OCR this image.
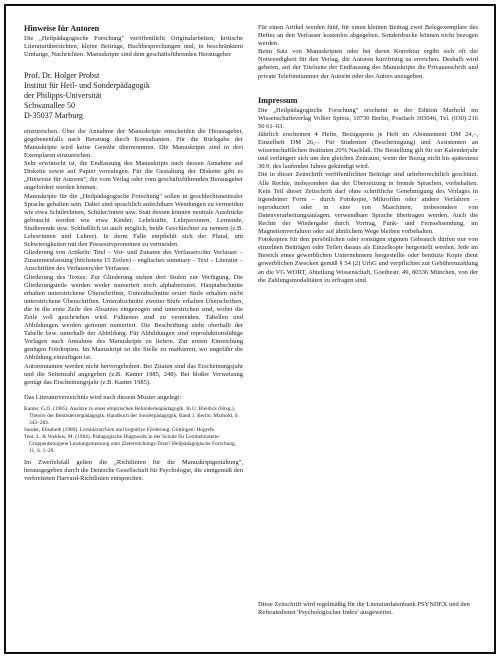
Hinweise für Autoren

Die „Heilpädagogische Forschung" veröffentlicht Originalarbeiten, kritische Literaturübersichten, kleine Beiträge, Buchbesprechungen und, in beschränktem Umfange, Nachrichten. Manuskripte sind dem geschäftsführenden Herausgeber

Prof. Dr. Holger Probst
Institut für Heil- und Sonderpädagogik
der Philipps-Universität
Schwanallee 50
D-35037 Marburg

einzureichen. Über die Annahme der Manuskripte entscheiden die Herausgeber, gegebenenfalls nach Beratung durch Konsultanten. Für die Rückgabe der Manuskripte wird keine Gewähr übernommen. Die Manuskripte sind in drei Exemplaren einzureichen.

Sehr erwünscht ist, die Endfassung des Manuskripts nach dessen Annahme auf Diskette sowie auf Papier vorzulegen. Für die Gestaltung der Diskette gibt es „Hinweise für Autoren", die vom Verlag oder vom geschäftsführenden Herausgeber angefordert werden können.

Manuskripte für die „Heilpädagogische Forschung" sollen in geschlechtsneutraler Sprache gehalten sein. Dabei sind sprachlich anfechtbare Wendungen zu vermeiden wie etwa SchülerInnen, Schüler/innen usw. Statt dessen können neutrale Ausdrücke gebraucht werden wie etwa Kinder, Lehrkräfte, Lehrpersonen, Lernende, Studierende usw. Schließlich ist auch möglich, beide Geschlechter zu nennen (z.B. Lehrerinnen und Lehrer). In derm Falle empfiehlt sich der Plural, um Schwierigkeiten mit den Possessivpronomen zu vermeiden.

Gliederung von Artikeln: Titel – Vor- und Zuname des Verfassers/der Verfasser – Zusammenfassung (höchstens 15 Zeilen) – englisches summary – Text – Literatur – Anschriften des Verfassers/der Verfasser.

Gliederung des Textes: Zur Gliederung stehen drei Stufen zur Verfügung. Die Gliederungsteile werden weder numeriert noch alphabetisiert. Hauptabschnitte erhalten unterstrichene Überschriften, Unterabschnitte erster Stufe erhalten nicht unterstrichene Überschriften. Unterabschnitte zweiter Stufe erhalten Überschriften, die in die erste Zeile des Absatzes eingezogen und unterstrichen sind, wobei die Zeile voll geschrieben wird. Fußnoten sind zu vermeiden. Tabellen und Abbildungen werden getrennt numeriert. Die Beschriftung steht oberhalb der Tabelle bzw. unterhalb der Abbildung. Für Abbildungen sind reproduktionsfähige Vorlagen nach Annahme des Manuskripts zu liefern. Zur ersten Einreichung genügen Fotokopien. Im Manuskript ist die Stelle zu markieren, wo ungefähr die Abbildung einzufügen ist.

Autorennamen werden nicht hervorgehoben. Bei Zitaten sind das Erscheinungsjahr und die Seitenzahl angegeben (z.B. Kanter 1985, 248). Bei bloßer Verweisung genügt das Erscheinungsjahr (z.B. Kanter 1985).

Das Literaturverzeichnis wird nach diesem Muster angelegt:

Kanter, G.O. (1985). Ansätze zu einer empirischen Behindertenpädagogik. In U. Bleidick (Hrsg.), Theorie der Behindertenpädagogik. Handbuch der Sonderpädagogik, Band 1, Berlin: Marhold, S. 343–283.

Sander, Elisabeth (1986). Lernhierarchien und kognitive Förderung. Göttingen: Hogrefe.

Tent, L. & Waldow, M. (1984). Pädagogische Diagnostik in der Schule für Lernbehinderte: Gruppenbezogene Leistungsmessung oder Zielerreichungs-Tests? Heilpädagogische Forschung, 11, S. 1–29.

Im Zweifelsfall gelten die „Richtlinien für die Manuskriptgestaltung", herausgegeben durch die Deutsche Gesellschaft für Psychologie, die sinngemäß den verbreiteten Harvard-Richtlinien entsprechen.

Für einen Artikel werden fünf, für einen kleinen Beitrag zwei Belegexemplare des Heftes an den Verfasser kostenlos abgegeben. Sonderdrucke können nicht bezogen werden.

Beim Satz von Manuskripten oder bei deren Korrektur ergibt sich oft die Notwendigkeit für den Verlag, die Autoren kurzfristig zu erreichen. Deshalb wird gebeten, auf der Titelseite der Endfassung des Manuskripts die Privatanschrift und private Telefonnummer der Autorin oder des Autors anzugeben.

Impressum

Die „Heilpädagogische Forschung" erscheint in der Edition Marhold im Wissenschaftsverlag Volker Spiess, 10730 Berlin, Postfach 303046, Tel. (030) 216 50 61–63.

Jährlich erscheinen 4 Hefte, Bezugspreis je Heft im Abonnement DM 24,–, Einzelheft DM 26,–. Für Studenten (Bescheinigung) und Assistenten an wissenschaftlichen Instituten 20% Nachlaß. Die Bestellung gilt für ein Kalenderjahr und verlängert sich um den gleichen Zeitraum, wenn der Bezug nicht bis spätestens 30.9. des laufenden Jahres gekündigt wird.

Die in dieser Zeitschrift veröffentlichten Beiträge sind urheberrechtlich geschützt. Alle Rechte, insbesondere das der Übersetzung in fremde Sprachen, vorbehalten. Kein Teil dieser Zeitschrift darf ohne schriftliche Genehmigung des Verlages in irgendeiner Form – durch Fotokopie, Mikrofilm oder andere Verfahren – reproduziert oder in eine von Maschinen, insbesondere von Datenverarbeitungsanlagen, verwendbare Sprache übertragen werden. Auch die Rechte der Wiedergabe durch Vortrag, Funk- und Fernsehsendung, im Magnettonverfahren oder auf ähnlichem Wege bleiben vorbehalten.

Fotokopien für den persönlichen oder sonstigen eigenen Gebrauch dürfen nur von einzelnen Beiträgen oder Teilen daraus als Einzelkopie hergestellt werden. Jede im Bereich eines gewerblichen Unternehmens hergestellte oder benützte Kopie dient gewerblichen Zwecken gemäß § 54 (2) UrhG und verpflichtet zur Gebührenzahlung an die VG WORT, Abteilung Wissenschaft, Goethestr. 49, 80336 München, von der die Zahlungsmodalitäten zu erfragen sind.

Diese Zeitschrift wird regelmäßig für die Literaturdatenbank PSYNDEX und den Referatedienst 'Psychologischer Index' ausgewertet.
